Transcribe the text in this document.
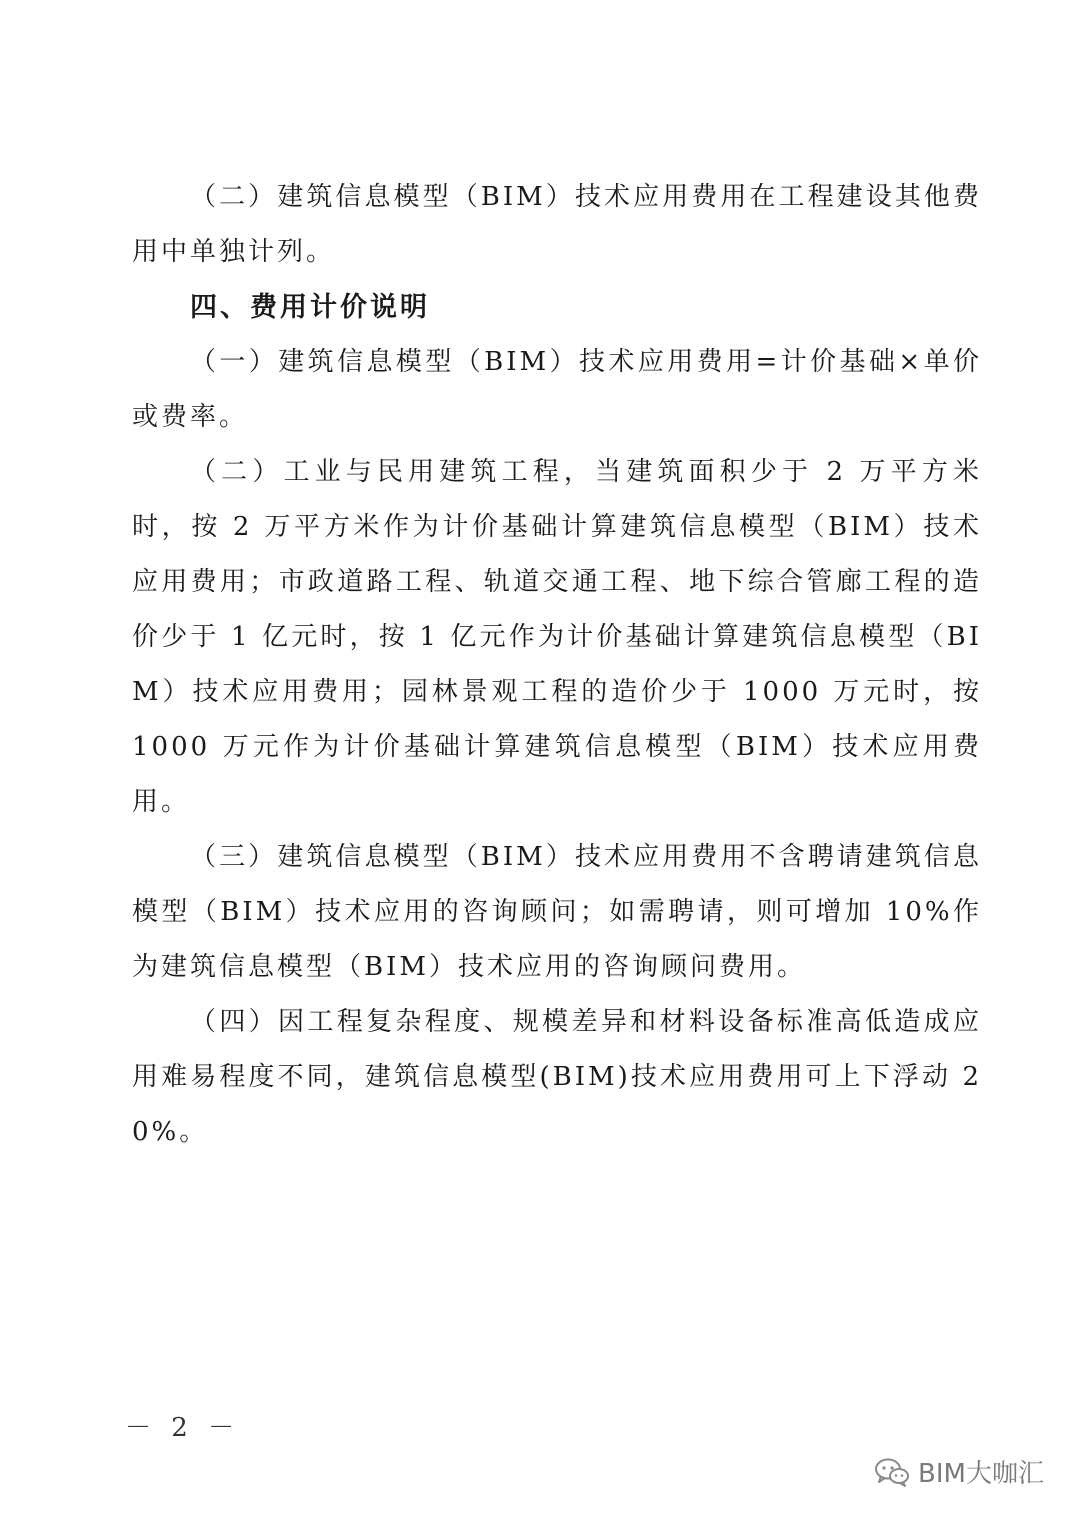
（二）建筑信息模型（BIM）技术应用费用在工程建设其他费用中单独计列。

四、费用计价说明

（一）建筑信息模型（BIM）技术应用费用=计价基础×单价或费率。

（二）工业与民用建筑工程，当建筑面积少于 2 万平方米时，按 2 万平方米作为计价基础计算建筑信息模型（BIM）技术应用费用；市政道路工程、轨道交通工程、地下综合管廊工程的造价少于 1 亿元时，按 1 亿元作为计价基础计算建筑信息模型（BIM）技术应用费用；园林景观工程的造价少于 1000 万元时，按 1000 万元作为计价基础计算建筑信息模型（BIM）技术应用费用。

（三）建筑信息模型（BIM）技术应用费用不含聘请建筑信息模型（BIM）技术应用的咨询顾问；如需聘请，则可增加 10%作为建筑信息模型（BIM）技术应用的咨询顾问费用。

（四）因工程复杂程度、规模差异和材料设备标准高低造成应用难易程度不同，建筑信息模型(BIM)技术应用费用可上下浮动 20%。

－ 2 －
BIM大咖汇
